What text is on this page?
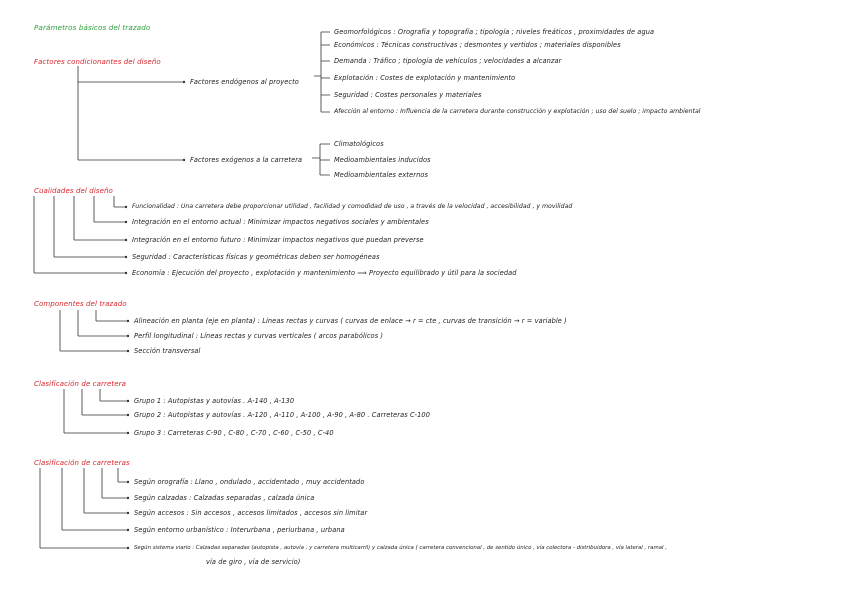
Parámetros básicos del trazado
Factores condicionantes del diseño
Factores endógenos al proyecto
Geomorfológicos : Orografía y topografía ; tipología ; niveles freáticos , proximidades de agua
Económicos : Técnicas constructivas ; desmontes y vertidos ; materiales disponibles
Demanda : Tráfico ; tipología de vehículos ; velocidades a alcanzar
Explotación : Costes de explotación y mantenimiento
Seguridad : Costes personales y materiales
Afección al entorno : Influencia de la carretera durante construcción y explotación ; uso del suelo ; impacto ambiental
Factores exógenos a la carretera
Climatológicos
Medioambientales inducidos
Medioambientales externos
Cualidades del diseño
Funcionalidad : Una carretera debe proporcionar utilidad , facilidad y comodidad de uso , a través de la velocidad , accesibilidad , y movilidad
Integración en el entorno actual : Minimizar impactos negativos sociales y ambientales
Integración en el entorno futuro : Minimizar impactos negativos que puedan preverse
Seguridad : Características físicas y geométricas deben ser homogéneas
Economía : Ejecución del proyecto , explotación y mantenimiento ⟹ Proyecto equilibrado y útil para la sociedad
Componentes del trazado
Alineación en planta (eje en planta) : Líneas rectas y curvas ( curvas de enlace → r = cte , curvas de transición → r = variable )
Perfil longitudinal : Líneas rectas y curvas verticales ( arcos parabólicos )
Sección transversal
Clasificación de carretera
Grupo 1 : Autopistas y autovías . A-140 , A-130
Grupo 2 : Autopistas y autovías . A-120 , A-110 , A-100 , A-90 , A-80 . Carreteras C-100
Grupo 3 : Carreteras C-90 , C-80 , C-70 , C-60 , C-50 , C-40
Clasificación de carreteras
Según orografía : Llano , ondulado , accidentado , muy accidentado
Según calzadas : Calzadas separadas , calzada única
Según accesos : Sin accesos , accesos limitados , accesos sin limitar
Según entorno urbanístico : Interurbana , periurbana , urbana
Según sistema viario : Calzadas separadas (autopista , autovía , y carretera multicarril) y calzada única ( carretera convencional , de sentido único , vía colectora - distribuidora , vía lateral , ramal ,
vía de giro , vía de servicio)
